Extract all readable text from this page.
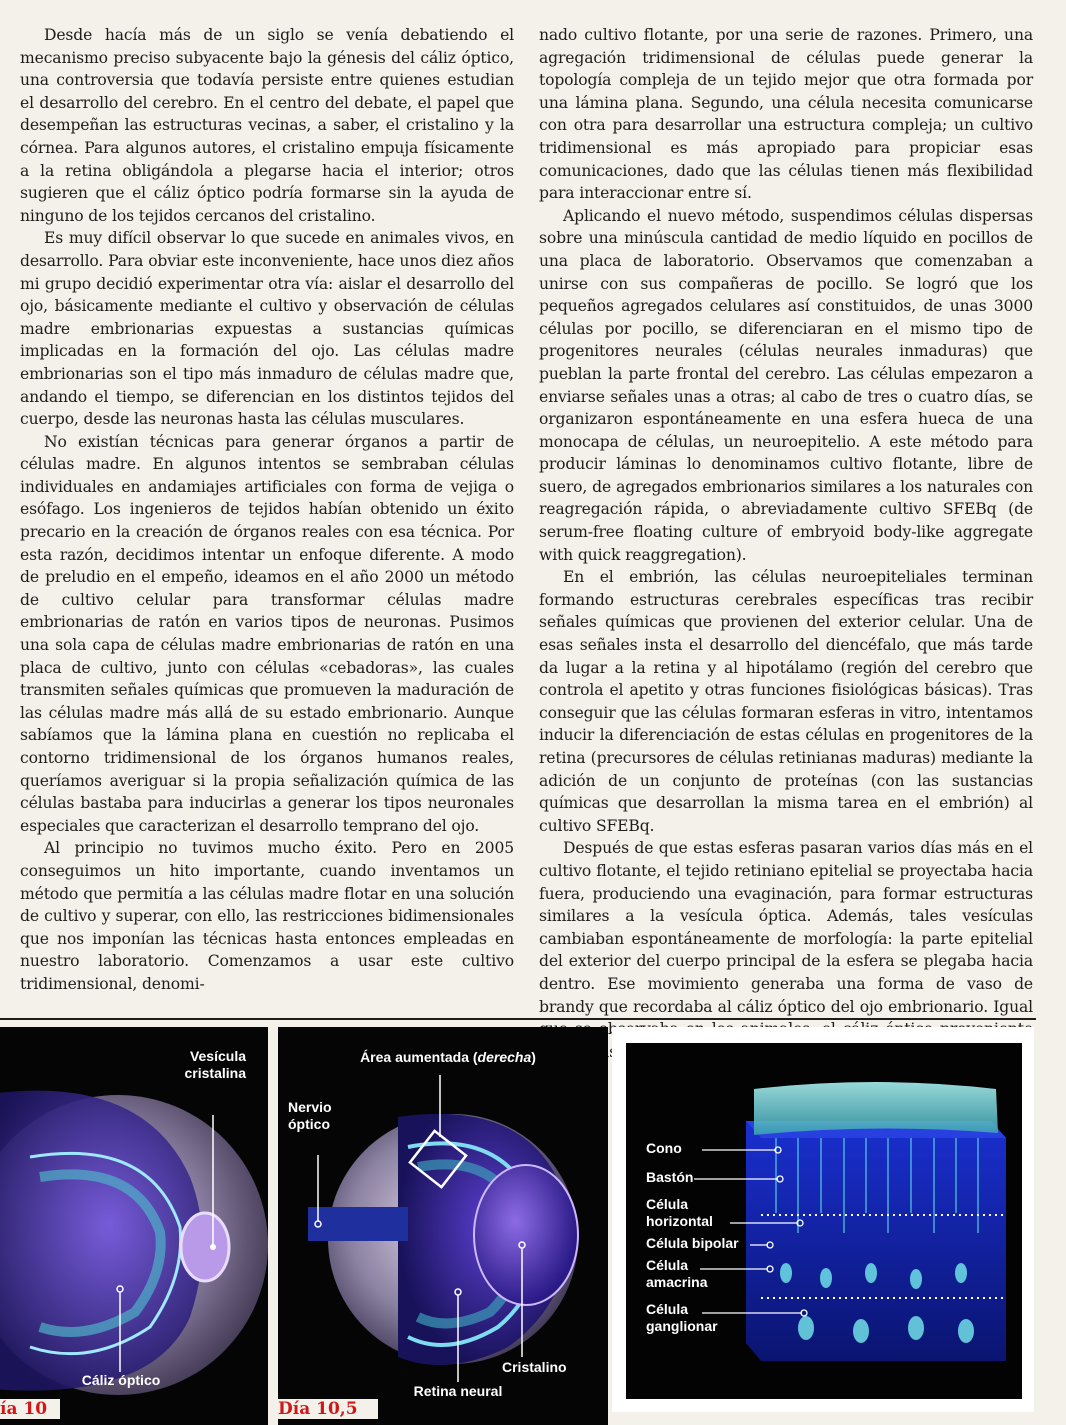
Desde hacía más de un siglo se venía debatiendo el mecanismo preciso subyacente bajo la génesis del cáliz óptico, una controversia que todavía persiste entre quienes estudian el desarrollo del cerebro. En el centro del debate, el papel que desempeñan las estructuras vecinas, a saber, el cristalino y la córnea. Para algunos autores, el cristalino empuja físicamente a la retina obligándola a plegarse hacia el interior; otros sugieren que el cáliz óptico podría formarse sin la ayuda de ninguno de los tejidos cercanos del cristalino.

Es muy difícil observar lo que sucede en animales vivos, en desarrollo. Para obviar este inconveniente, hace unos diez años mi grupo decidió experimentar otra vía: aislar el desarrollo del ojo, básicamente mediante el cultivo y observación de células madre embrionarias expuestas a sustancias químicas implicadas en la formación del ojo. Las células madre embrionarias son el tipo más inmaduro de células madre que, andando el tiempo, se diferencian en los distintos tejidos del cuerpo, desde las neuronas hasta las células musculares.

No existían técnicas para generar órganos a partir de células madre. En algunos intentos se sembraban células individuales en andamiajes artificiales con forma de vejiga o esófago. Los ingenieros de tejidos habían obtenido un éxito precario en la creación de órganos reales con esa técnica. Por esta razón, decidimos intentar un enfoque diferente. A modo de preludio en el empeño, ideamos en el año 2000 un método de cultivo celular para transformar células madre embrionarias de ratón en varios tipos de neuronas. Pusimos una sola capa de células madre embrionarias de ratón en una placa de cultivo, junto con células «cebadoras», las cuales transmiten señales químicas que promueven la maduración de las células madre más allá de su estado embrionario. Aunque sabíamos que la lámina plana en cuestión no replicaba el contorno tridimensional de los órganos humanos reales, queríamos averiguar si la propia señalización química de las células bastaba para inducirlas a generar los tipos neuronales especiales que caracterizan el desarrollo temprano del ojo.

Al principio no tuvimos mucho éxito. Pero en 2005 conseguimos un hito importante, cuando inventamos un método que permitía a las células madre flotar en una solución de cultivo y superar, con ello, las restricciones bidimensionales que nos imponían las técnicas hasta entonces empleadas en nuestro laboratorio. Comenzamos a usar este cultivo tridimensional, denomi-

nado cultivo flotante, por una serie de razones. Primero, una agregación tridimensional de células puede generar la topología compleja de un tejido mejor que otra formada por una lámina plana. Segundo, una célula necesita comunicarse con otra para desarrollar una estructura compleja; un cultivo tridimensional es más apropiado para propiciar esas comunicaciones, dado que las células tienen más flexibilidad para interaccionar entre sí.

Aplicando el nuevo método, suspendimos células dispersas sobre una minúscula cantidad de medio líquido en pocillos de una placa de laboratorio. Observamos que comenzaban a unirse con sus compañeras de pocillo. Se logró que los pequeños agregados celulares así constituidos, de unas 3000 células por pocillo, se diferenciaran en el mismo tipo de progenitores neurales (células neurales inmaduras) que pueblan la parte frontal del cerebro. Las células empezaron a enviarse señales unas a otras; al cabo de tres o cuatro días, se organizaron espontáneamente en una esfera hueca de una monocapa de células, un neuroepitelio. A este método para producir láminas lo denominamos cultivo flotante, libre de suero, de agregados embrionarios similares a los naturales con reagregación rápida, o abreviadamente cultivo SFEBq (de serum-free floating culture of embryoid body-like aggregate with quick reaggregation).

En el embrión, las células neuroepiteliales terminan formando estructuras cerebrales específicas tras recibir señales químicas que provienen del exterior celular. Una de esas señales insta el desarrollo del diencéfalo, que más tarde da lugar a la retina y al hipotálamo (región del cerebro que controla el apetito y otras funciones fisiológicas básicas). Tras conseguir que las células formaran esferas in vitro, intentamos inducir la diferenciación de estas células en progenitores de la retina (precursores de células retinianas maduras) mediante la adición de un conjunto de proteínas (con las sustancias químicas que desarrollan la misma tarea en el embrión) al cultivo SFEBq.

Después de que estas esferas pasaran varios días más en el cultivo flotante, el tejido retiniano epitelial se proyectaba hacia fuera, produciendo una evaginación, para formar estructuras similares a la vesícula óptica. Además, tales vesículas cambiaban espontáneamente de morfología: la parte epitelial del exterior del cuerpo principal de la esfera se plegaba hacia dentro. Ese movimiento generaba una forma de vaso de brandy que recordaba al cáliz óptico del ojo embrionario. Igual

Vesícula cristalina
Cáliz óptico
ía 10
Área aumentada (derecha)
Nervio óptico
Cristalino
Retina neural
Día 10,5
Cono
Bastón
Célula horizontal
Célula bipolar
Célula amacrina
Célula ganglionar
